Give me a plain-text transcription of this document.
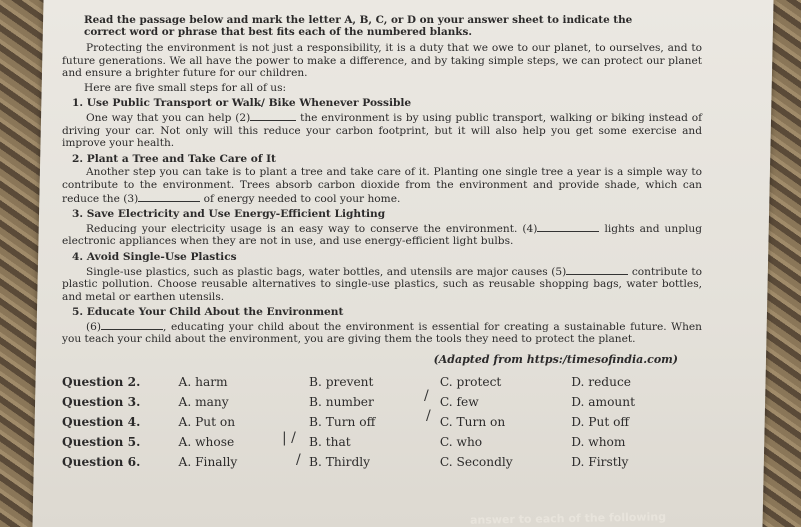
Read the passage below and mark the letter A, B, C, or D on your answer sheet to indicate the correct word or phrase that best fits each of the numbered blanks.

Protecting the environment is not just a responsibility, it is a duty that we owe to our planet, to ourselves, and to future generations. We all have the power to make a difference, and by taking simple steps, we can protect our planet and ensure a brighter future for our children.

Here are five small steps for all of us:

1. Use Public Transport or Walk/ Bike Whenever Possible

One way that you can help (2)	the environment is by using public transport, walking or biking instead of driving your car. Not only will this reduce your carbon footprint, but it will also help you get some exercise and improve your health.

2. Plant a Tree and Take Care of It

Another step you can take is to plant a tree and take care of it. Planting one single tree a year is a simple way to contribute to the environment. Trees absorb carbon dioxide from the environment and provide shade, which can reduce the (3)	of energy needed to cool your home.

3. Save Electricity and Use Energy-Efficient Lighting

Reducing your electricity usage is an easy way to conserve the environment. (4)	lights and unplug electronic appliances when they are not in use, and use energy-efficient light bulbs.

4. Avoid Single-Use Plastics

Single-use plastics, such as plastic bags, water bottles, and utensils are major causes (5)	contribute to plastic pollution. Choose reusable alternatives to single-use plastics, such as reusable shopping bags, water bottles, and metal or earthen utensils.

5. Educate Your Child About the Environment

(6)	, educating your child about the environment is essential for creating a sustainable future. When you teach your child about the environment, you are giving them the tools they need to protect the planet.

(Adapted from https:/timesofindia.com)
Question 2.	A. harm	B. prevent	C. protect	D. reduce
Question 3.	A. many	B. number	C. few	D. amount
Question 4.	A. Put on	B. Turn off	C. Turn on	D. Put off
Question 5.	A. whose	B. that	C. who	D. whom
Question 6.	A. Finally	B. Thirdly	C. Secondly	D. Firstly
/
/
| /
/
answer to each of the following
